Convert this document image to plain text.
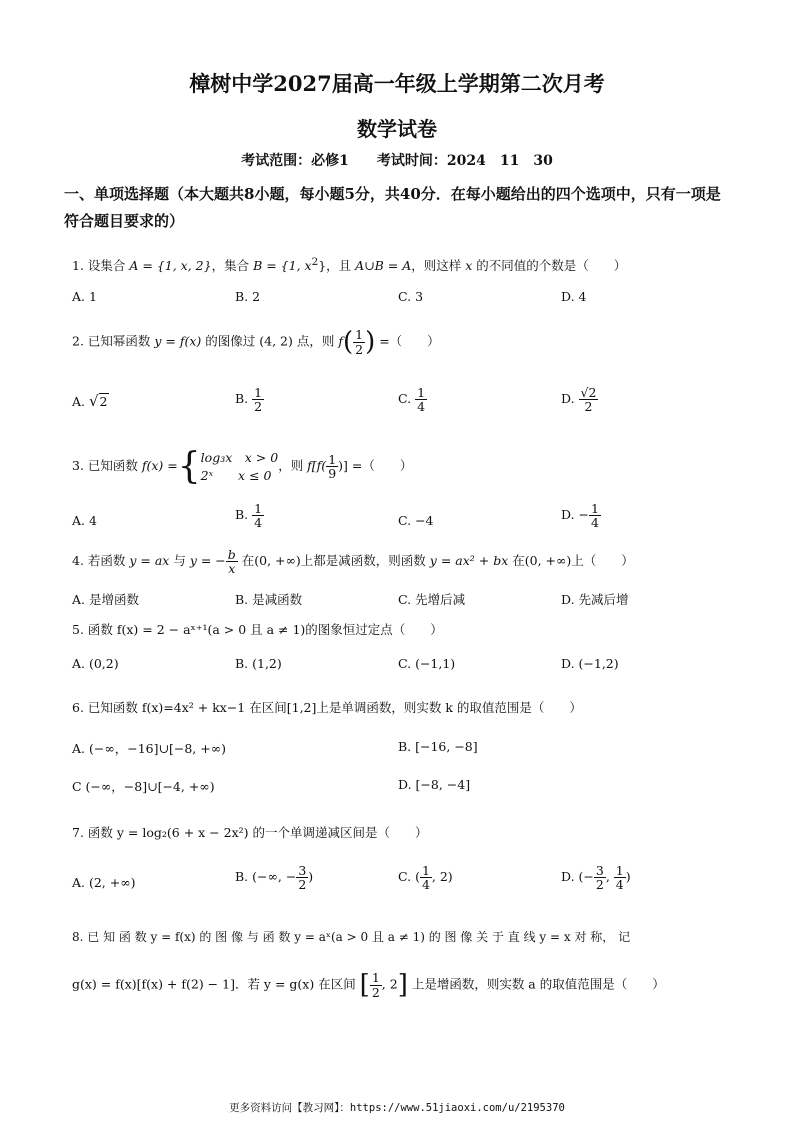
樟树中学2027届高一年级上学期第二次月考
数学试卷
考试范围：必修1　　考试时间：2024　11　30
一、单项选择题（本大题共8小题，每小题5分，共40分．在每小题给出的四个选项中，只有一项是符合题目要求的）
1. 设集合 A = {1, x, 2}，集合 B = {1, $x^2$}，且 A∪B = A，则这样 x 的不同值的个数是（　　）
A. 1	B. 2	C. 3	D. 4
2. 已知幂函数 y = f(x) 的图像过 (4, 2) 点，则 $f( \frac{1}{2}$ ) =（　　）
A. √2	B. $\frac{1}{2}$	C. $\frac{1}{4}$	D. $\frac{√2}{2}$
3. 已知函数 f(x) ={ log₃x　x > 0
2ˣ　　x ≤ 0
，则 $f[f( \frac{1}{9}$ )] =（　　）
A. 4	B. $\frac{1}{4}$	C. −4	D. − $\frac{1}{4}$
4. 若函数 y = ax 与 y = − $\frac{b}{x}$ 在(0, +∞)上都是减函数，则函数 y = ax² + bx 在(0, +∞)上（　　）
A. 是增函数	B. 是减函数	C. 先增后减	D. 先减后增
5. 函数 f(x) = 2 − aˣ⁺¹(a > 0 且 a ≠ 1)的图象恒过定点（　　）
A. (0,2)	B. (1,2)	C. (−1,1)	D. (−1,2)
6. 已知函数 f(x)=4x² + kx−1 在区间[1,2]上是单调函数，则实数 k 的取值范围是（　　）
A. (−∞，−16]∪[−8, +∞)	B. [−16, −8]
C (−∞，−8]∪[−4, +∞)	D. [−8, −4]
7. 函数 y = log₂(6 + x − 2x²) 的一个单调递减区间是（　　）
A. (2, +∞)	B. (−∞, − $\frac{3}{2}$ )	C. ( $\frac{1}{4}$ , 2)	D. (− $\frac{3}{2}$ , $\frac{1}{4}$ )
8. 已 知 函 数 y = f(x) 的 图 像 与 函 数 y = aˣ(a > 0 且 a ≠ 1) 的 图 像 关 于 直 线 y = x 对 称， 记
g(x) = f(x)[f(x) + f(2) − 1]．若 y = g(x) 在区间 [ $\frac{1}{2}$ , 2] 上是增函数，则实数 a 的取值范围是（　　）
更多资料访问【教习网】：https://www.51jiaoxi.com/u/2195370
